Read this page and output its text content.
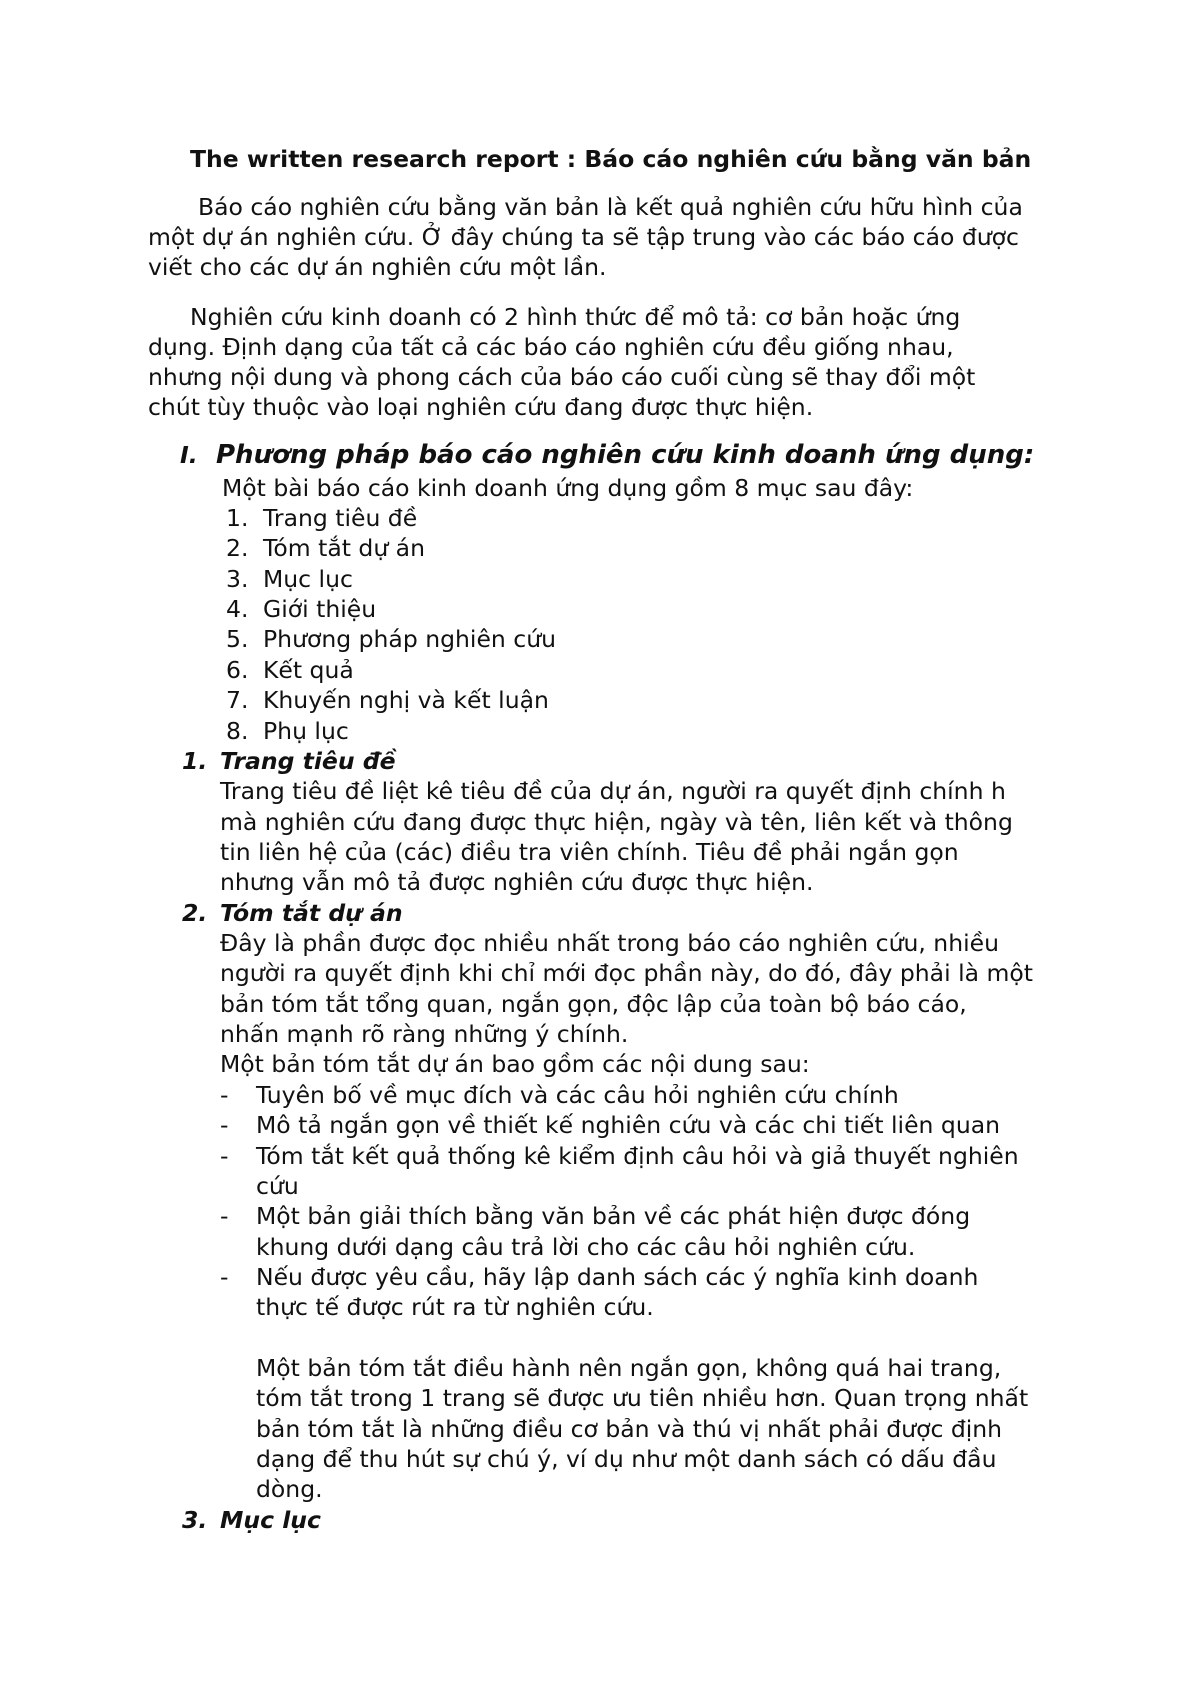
The written research report : Báo cáo nghiên cứu bằng văn bản
Báo cáo nghiên cứu bằng văn bản là kết quả nghiên cứu hữu hình của
một dự án nghiên cứu. Ở đây chúng ta sẽ tập trung vào các báo cáo được
viết cho các dự án nghiên cứu một lần.
Nghiên cứu kinh doanh có 2 hình thức để mô tả: cơ bản hoặc ứng
dụng. Định dạng của tất cả các báo cáo nghiên cứu đều giống nhau,
nhưng nội dung và phong cách của báo cáo cuối cùng sẽ thay đổi một
chút tùy thuộc vào loại nghiên cứu đang được thực hiện.
I. Phương pháp báo cáo nghiên cứu kinh doanh ứng dụng:
Một bài báo cáo kinh doanh ứng dụng gồm 8 mục sau đây:
1. Trang tiêu đề
2. Tóm tắt dự án
3. Mục lục
4. Giới thiệu
5. Phương pháp nghiên cứu
6. Kết quả
7. Khuyến nghị và kết luận
8. Phụ lục
1. Trang tiêu đề
Trang tiêu đề liệt kê tiêu đề của dự án, người ra quyết định chính h
mà nghiên cứu đang được thực hiện, ngày và tên, liên kết và thông
tin liên hệ của (các) điều tra viên chính. Tiêu đề phải ngắn gọn
nhưng vẫn mô tả được nghiên cứu được thực hiện.
2. Tóm tắt dự án
Đây là phần được đọc nhiều nhất trong báo cáo nghiên cứu, nhiều
người ra quyết định khi chỉ mới đọc phần này, do đó, đây phải là một
bản tóm tắt tổng quan, ngắn gọn, độc lập của toàn bộ báo cáo,
nhấn mạnh rõ ràng những ý chính.
Một bản tóm tắt dự án bao gồm các nội dung sau:
- Tuyên bố về mục đích và các câu hỏi nghiên cứu chính
- Mô tả ngắn gọn về thiết kế nghiên cứu và các chi tiết liên quan
- Tóm tắt kết quả thống kê kiểm định câu hỏi và giả thuyết nghiên
cứu
- Một bản giải thích bằng văn bản về các phát hiện được đóng
khung dưới dạng câu trả lời cho các câu hỏi nghiên cứu.
- Nếu được yêu cầu, hãy lập danh sách các ý nghĩa kinh doanh
thực tế được rút ra từ nghiên cứu.
Một bản tóm tắt điều hành nên ngắn gọn, không quá hai trang,
tóm tắt trong 1 trang sẽ được ưu tiên nhiều hơn. Quan trọng nhất
bản tóm tắt là những điều cơ bản và thú vị nhất phải được định
dạng để thu hút sự chú ý, ví dụ như một danh sách có dấu đầu
dòng.
3. Mục lục
